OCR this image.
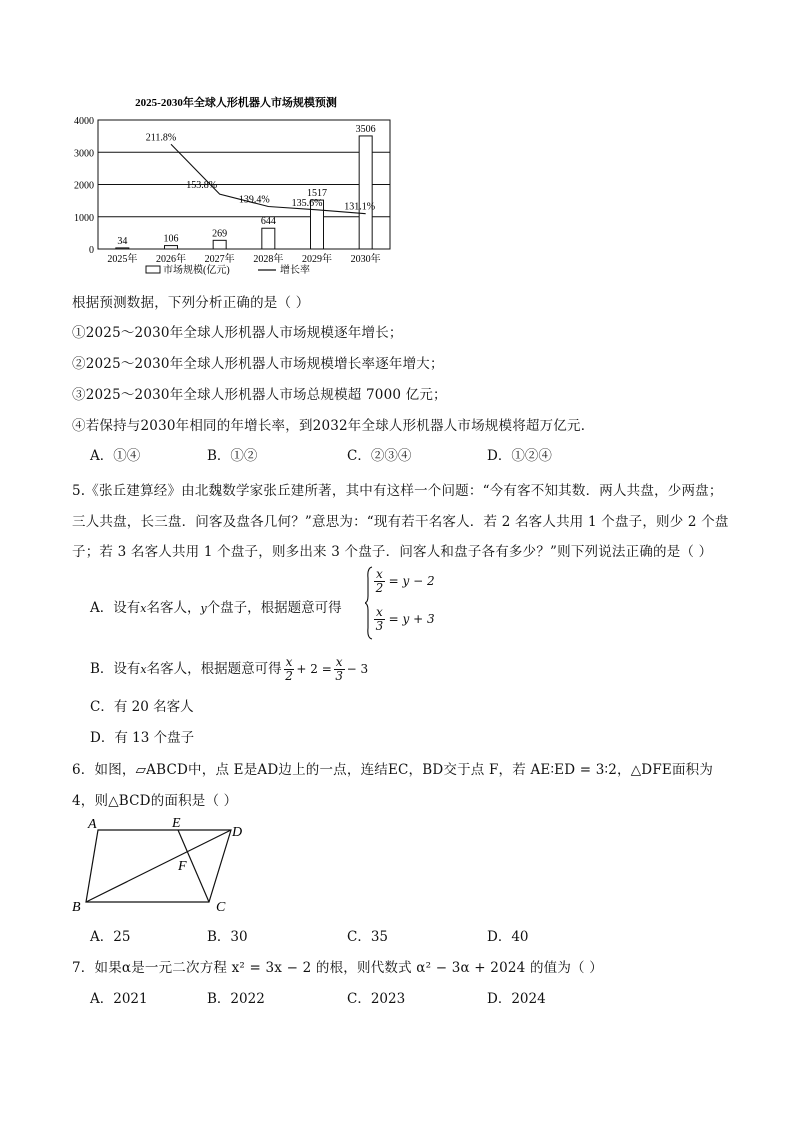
2025-2030年全球人形机器人市场规模预测
34	106	269
644
1517
3506
211.8%
153.8%
139.4% 135.6% 131.1%
0
1000
2000
3000
4000
2025年 2026年 2027年 2028年 2029年 2030年
市场规模(亿元)	增长率
根据预测数据，下列分析正确的是（ ）
①2025～2030年全球人形机器人市场规模逐年增长；
②2025～2030年全球人形机器人市场规模增长率逐年增大；
③2025～2030年全球人形机器人市场总规模超 7000 亿元；
④若保持与2030年相同的年增长率，到2032年全球人形机器人市场规模将超万亿元．
A．①④	B．①②	C．②③④	D．①②④
5.《张丘建算经》由北魏数学家张丘建所著，其中有这样一个问题：“今有客不知其数．两人共盘，少两盘；
三人共盘，长三盘．问客及盘各几何？”意思为：“现有若干名客人．若 2 名客人共用 1 个盘子，则少 2 个盘
子；若 3 名客人共用 1 个盘子，则多出来 3 个盘子．问客人和盘子各有多少？”则下列说法正确的是（ ）
A．设有x名客人，y个盘子，根据题意可得
$\frac{x}{2} = y - 2$
$\frac{x}{3} = y + 3$
B．设有x名客人，根据题意可得 $\frac{x}{2} + 2 = \frac{x}{3} - 3$
C．有 20 名客人
D．有 13 个盘子
6．如图，▱ABCD中，点 E是AD边上的一点，连结EC，BD交于点 F，若 AE∶ED = 3∶2，△DFE面积为
4，则△BCD的面积是（ ）
A	E
D
F
B	C
A．25	B．30	C．35	D．40
7．如果α是一元二次方程 x² = 3x − 2 的根，则代数式 α² − 3α + 2024 的值为（ ）
A．2021	B．2022	C．2023	D．2024
